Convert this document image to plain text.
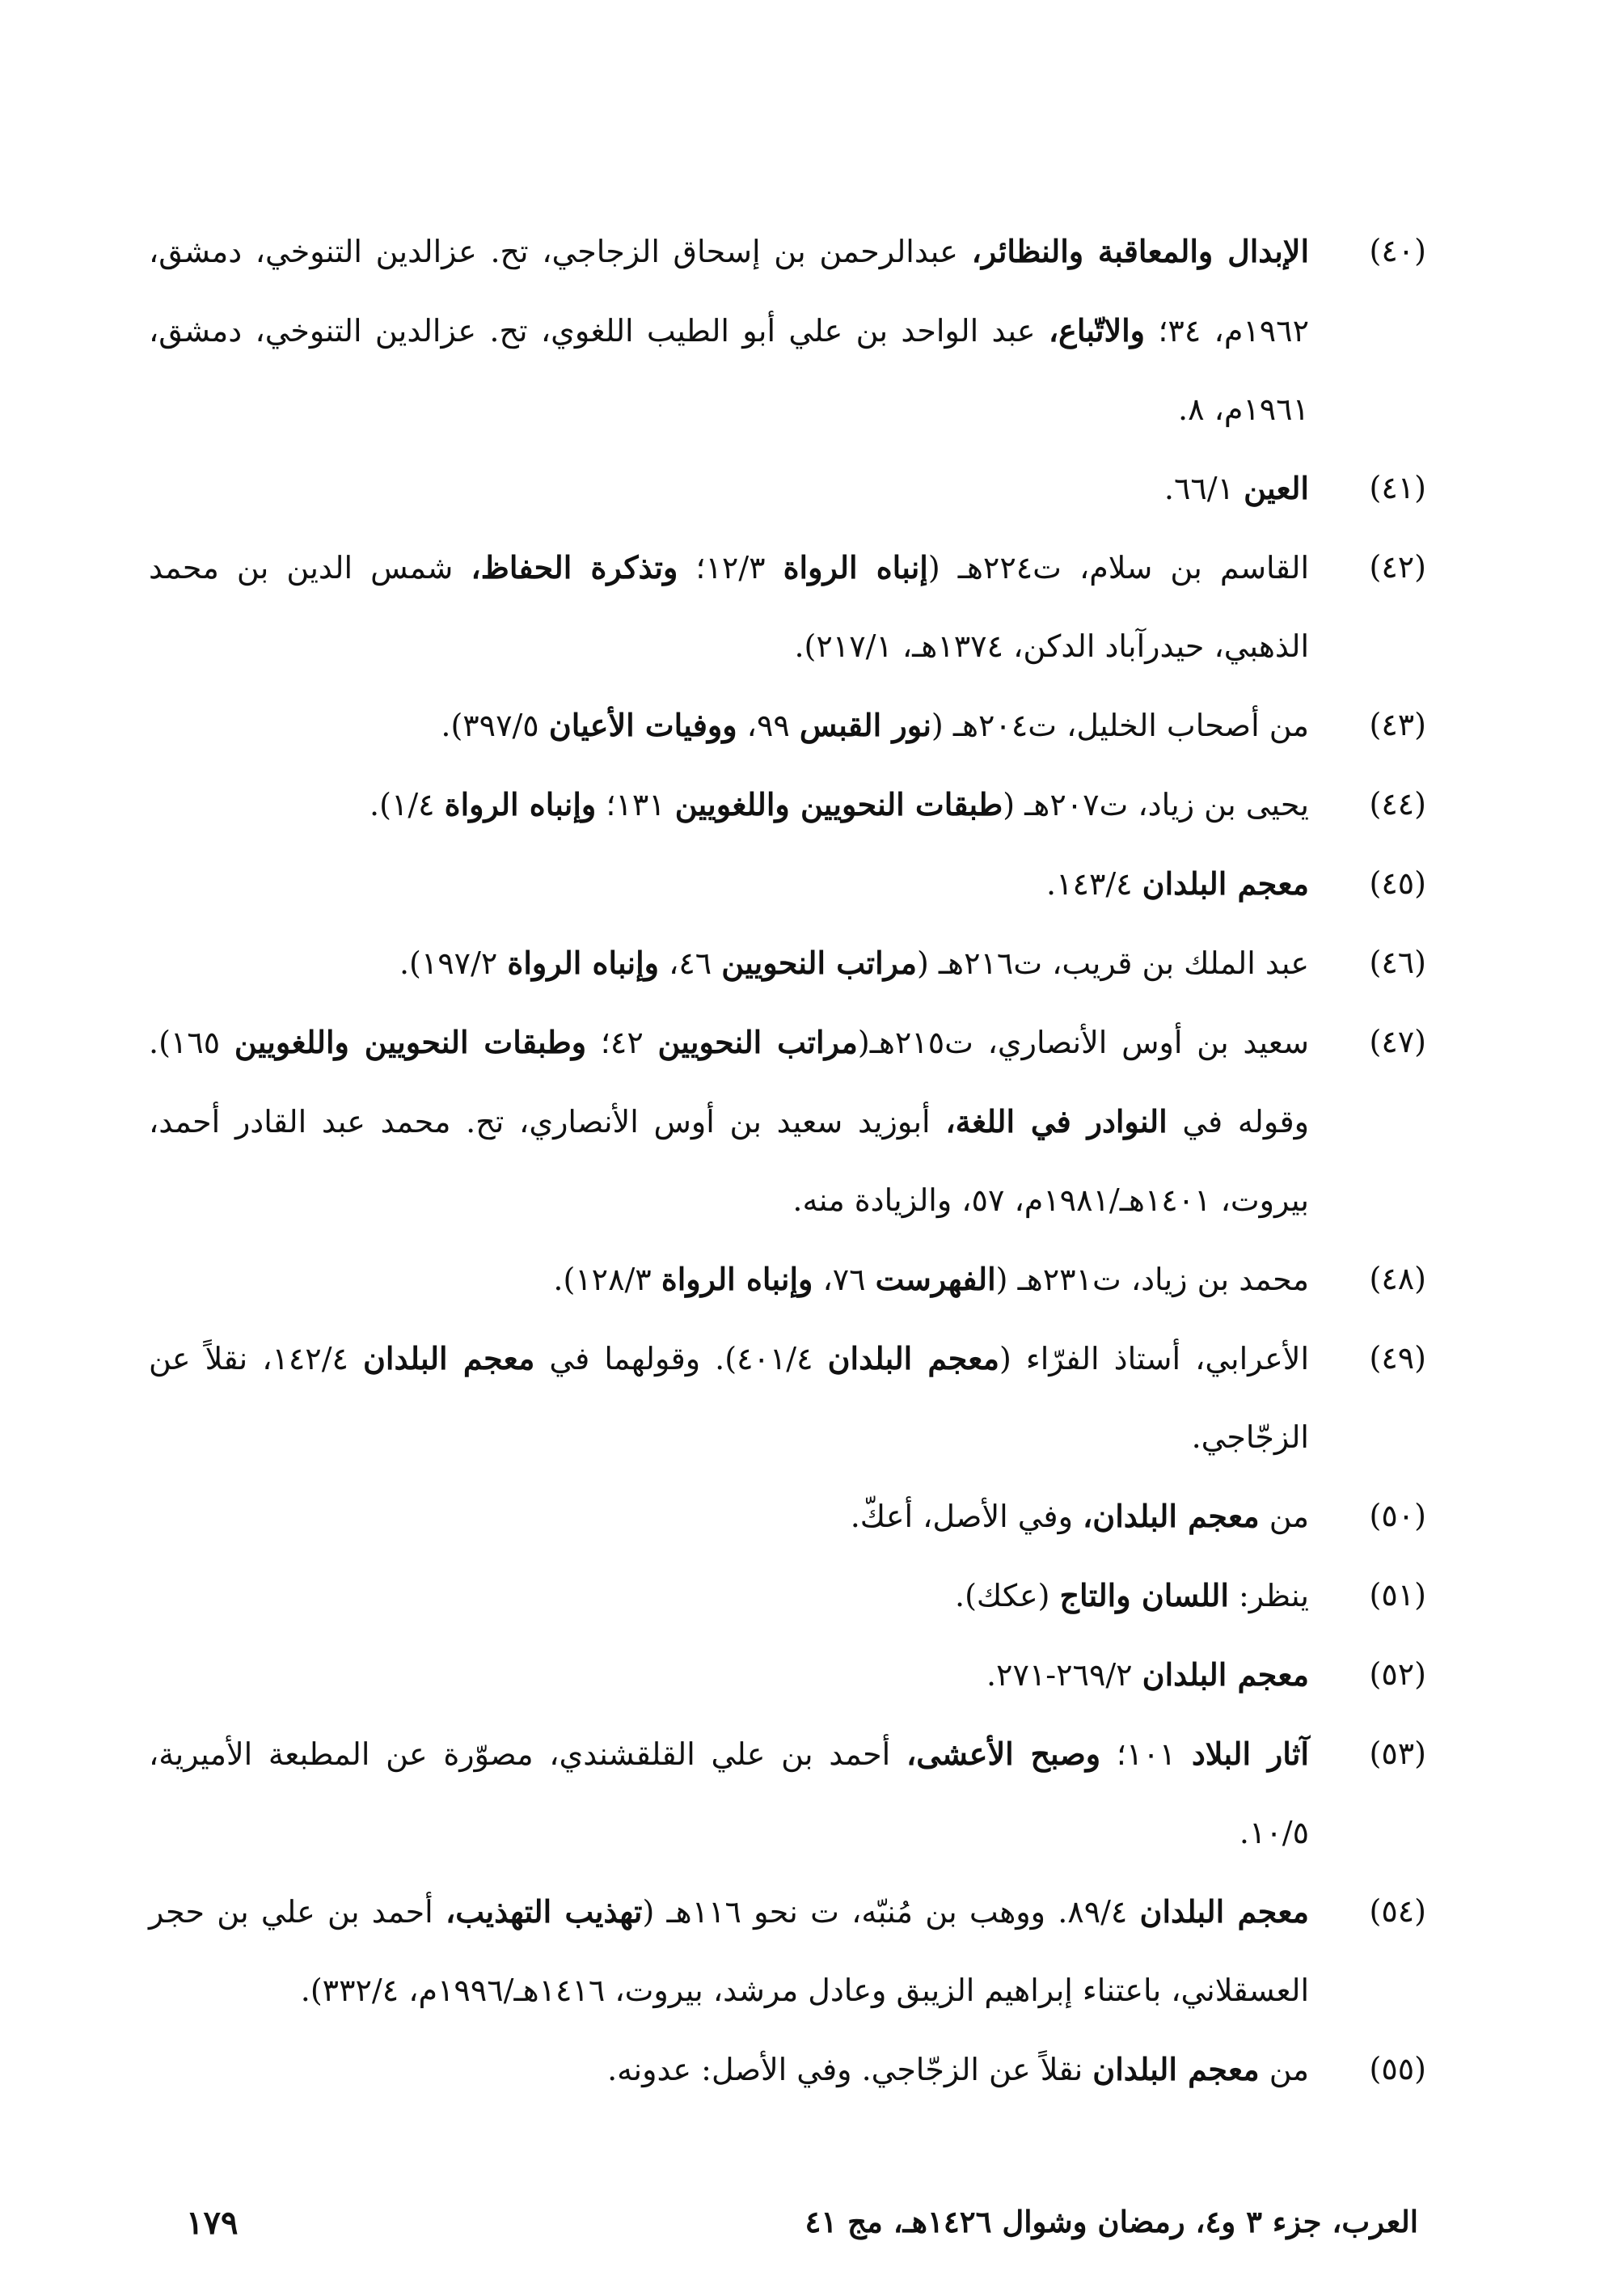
(٤٠)
الإبدال والمعاقبة والنظائر، عبدالرحمن بن إسحاق الزجاجي، تح. عزالدين التنوخي، دمشق، ١٩٦٢م، ٣٤؛ والاتّباع، عبد الواحد بن علي أبو الطيب اللغوي، تح. عزالدين التنوخي، دمشق، ١٩٦١م، ٨.

(٤١)
العين ٦٦/١.

(٤٢)
القاسم بن سلام، ت٢٢٤هـ (إنباه الرواة ١٢/٣؛ وتذكرة الحفاظ، شمس الدين بن محمد الذهبي، حيدرآباد الدكن، ١٣٧٤هـ، ٢١٧/١).

(٤٣)
من أصحاب الخليل، ت٢٠٤هـ (نور القبس ٩٩، ووفيات الأعيان ٣٩٧/٥).

(٤٤)
يحيى بن زياد، ت٢٠٧هـ (طبقات النحويين واللغويين ١٣١؛ وإنباه الرواة ١/٤).

(٤٥)
معجم البلدان ١٤٣/٤.

(٤٦)
عبد الملك بن قريب، ت٢١٦هـ (مراتب النحويين ٤٦، وإنباه الرواة ١٩٧/٢).

(٤٧)
سعيد بن أوس الأنصاري، ت٢١٥هـ(مراتب النحويين ٤٢؛ وطبقات النحويين واللغويين ١٦٥). وقوله في النوادر في اللغة، أبوزيد سعيد بن أوس الأنصاري، تح. محمد عبد القادر أحمد، بيروت، ١٤٠١هـ/١٩٨١م، ٥٧، والزيادة منه.

(٤٨)
محمد بن زياد، ت٢٣١هـ (الفهرست ٧٦، وإنباه الرواة ١٢٨/٣).

(٤٩)
الأعرابي، أستاذ الفرّاء (معجم البلدان ٤٠١/٤). وقولهما في معجم البلدان ١٤٢/٤، نقلاً عن الزجّاجي.

(٥٠)
من معجم البلدان، وفي الأصل، أعكّ.

(٥١)
ينظر: اللسان والتاج (عكك).

(٥٢)
معجم البلدان ٢٦٩/٢-٢٧١.

(٥٣)
آثار البلاد ١٠١؛ وصبح الأعشى، أحمد بن علي القلقشندي، مصوّرة عن المطبعة الأميرية، ١٠/٥.

(٥٤)
معجم البلدان ٨٩/٤. ووهب بن مُنبّه، ت نحو ١١٦هـ (تهذيب التهذيب، أحمد بن علي بن حجر العسقلاني، باعتناء إبراهيم الزيبق وعادل مرشد، بيروت، ١٤١٦هـ/١٩٩٦م، ٣٣٢/٤).

(٥٥)
من معجم البلدان نقلاً عن الزجّاجي. وفي الأصل: عدونه.

العرب، جزء ٣ و٤، رمضان وشوال ١٤٢٦هـ، مج ٤١
١٧٩
